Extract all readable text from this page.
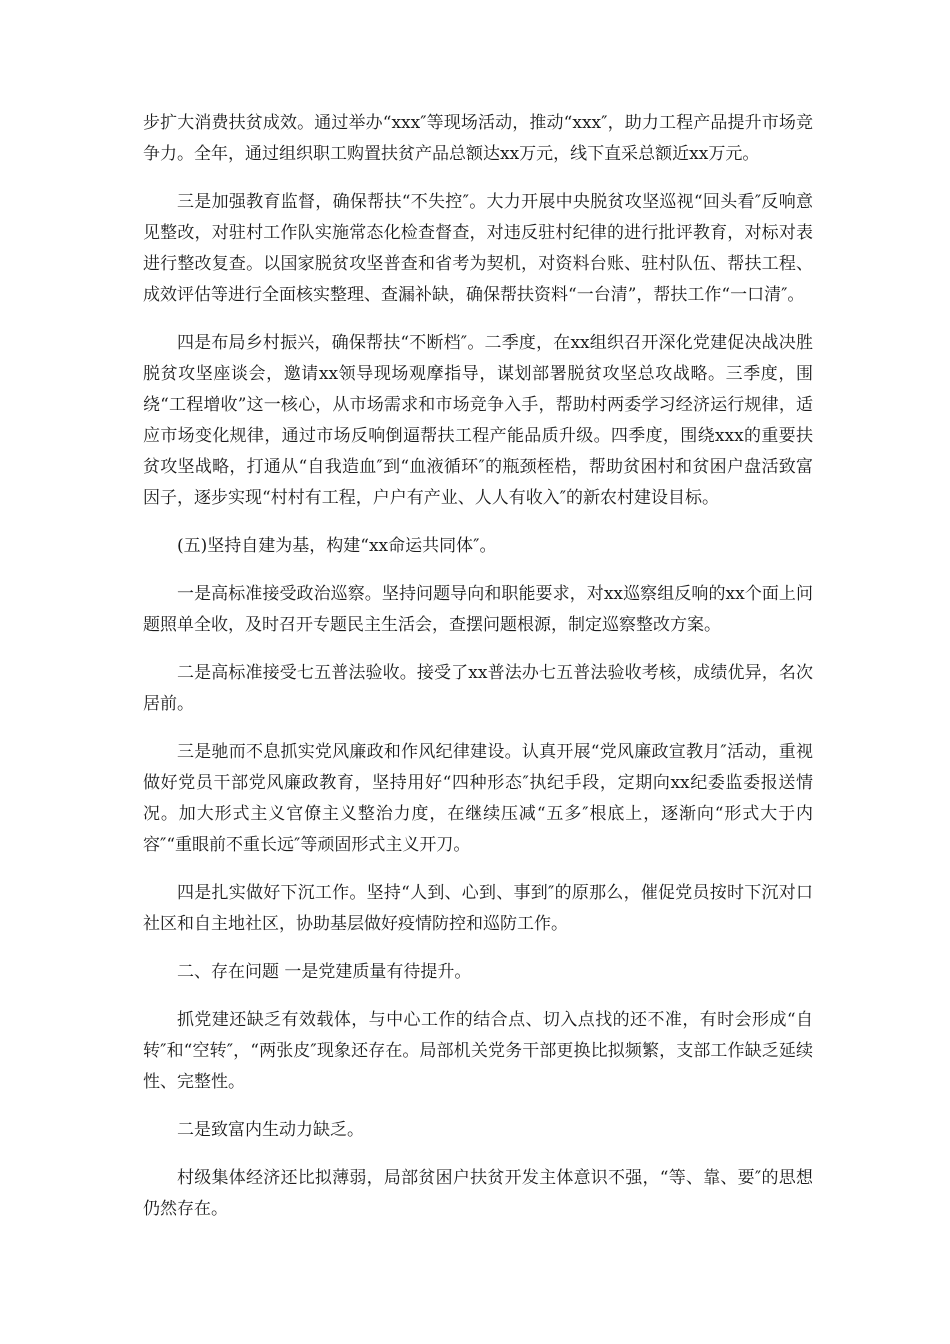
步扩大消费扶贫成效。通过举办“xxx″等现场活动，推动“xxx″，助力工程产品提升市场竞争力。全年，通过组织职工购置扶贫产品总额达xx万元，线下直采总额近xx万元。

三是加强教育监督，确保帮扶“不失控″。大力开展中央脱贫攻坚巡视“回头看″反响意见整改，对驻村工作队实施常态化检查督查，对违反驻村纪律的进行批评教育，对标对表进行整改复查。以国家脱贫攻坚普查和省考为契机，对资料台账、驻村队伍、帮扶工程、成效评估等进行全面核实整理、查漏补缺，确保帮扶资料“一台清”，帮扶工作“一口清″。

四是布局乡村振兴，确保帮扶“不断档″。二季度，在xx组织召开深化党建促决战决胜脱贫攻坚座谈会，邀请xx领导现场观摩指导，谋划部署脱贫攻坚总攻战略。三季度，围绕“工程增收”这一核心，从市场需求和市场竞争入手，帮助村两委学习经济运行规律，适应市场变化规律，通过市场反响倒逼帮扶工程产能品质升级。四季度，围绕xxx的重要扶贫攻坚战略，打通从“自我造血″到“血液循环″的瓶颈桎梏，帮助贫困村和贫困户盘活致富因子，逐步实现“村村有工程，户户有产业、人人有收入″的新农村建设目标。

(五)坚持自建为基，构建“xx命运共同体″。

一是高标准接受政治巡察。坚持问题导向和职能要求，对xx巡察组反响的xx个面上问题照单全收，及时召开专题民主生活会，查摆问题根源，制定巡察整改方案。

二是高标准接受七五普法验收。接受了xx普法办七五普法验收考核，成绩优异，名次居前。

三是驰而不息抓实党风廉政和作风纪律建设。认真开展“党风廉政宣教月″活动，重视做好党员干部党风廉政教育，坚持用好“四种形态″执纪手段，定期向xx纪委监委报送情况。加大形式主义官僚主义整治力度，在继续压减“五多″根底上，逐渐向“形式大于内容″“重眼前不重长远″等顽固形式主义开刀。

四是扎实做好下沉工作。坚持“人到、心到、事到″的原那么，催促党员按时下沉对口社区和自主地社区，协助基层做好疫情防控和巡防工作。

二、存在问题 一是党建质量有待提升。

抓党建还缺乏有效载体，与中心工作的结合点、切入点找的还不准，有时会形成“自转″和“空转″，“两张皮″现象还存在。局部机关党务干部更换比拟频繁，支部工作缺乏延续性、完整性。

二是致富内生动力缺乏。

村级集体经济还比拟薄弱，局部贫困户扶贫开发主体意识不强，“等、靠、要″的思想仍然存在。
